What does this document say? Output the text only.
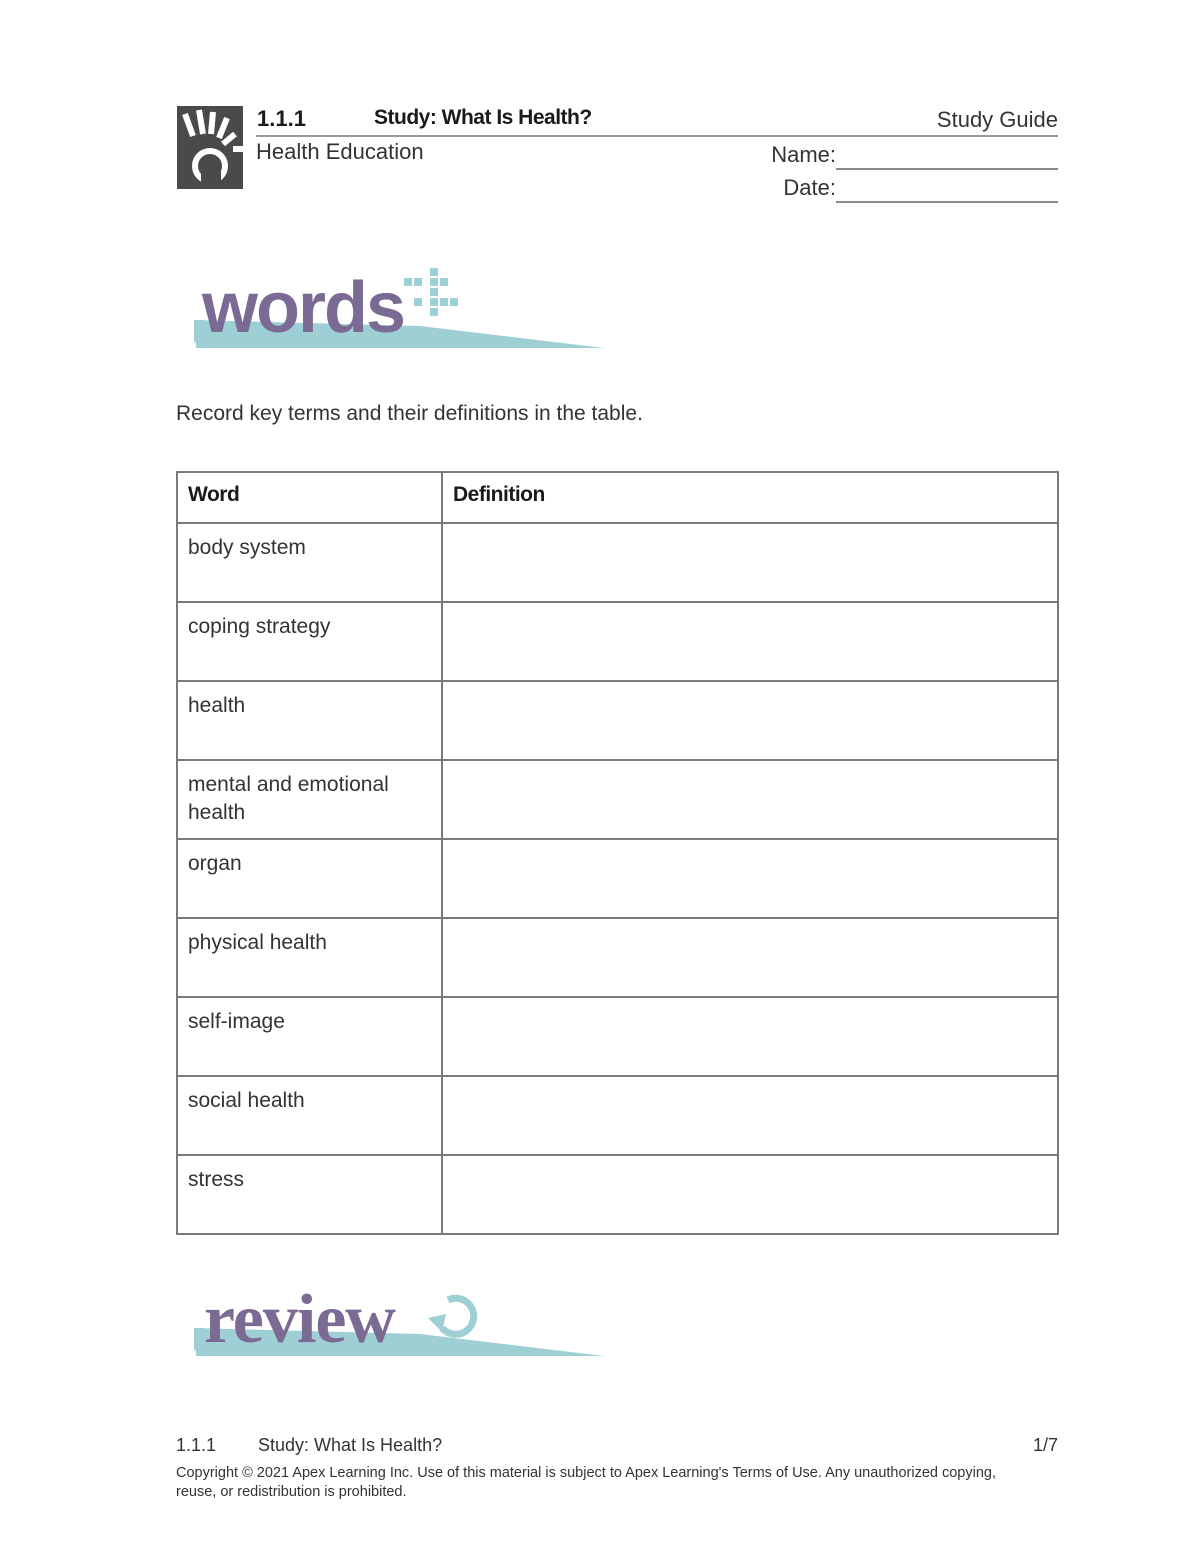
1.1.1	Study: What Is Health?	Study Guide
Health Education	Name:
Date:
words
Record key terms and their definitions in the table.
Word	Definition
body system	
coping strategy	
health	
mental and emotional health	
organ	
physical health	
self-image	
social health	
stress	
review
1.1.1 Study: What Is Health?	1/7
Copyright © 2021 Apex Learning Inc. Use of this material is subject to Apex Learning's Terms of Use. Any unauthorized copying, reuse, or redistribution is prohibited.
